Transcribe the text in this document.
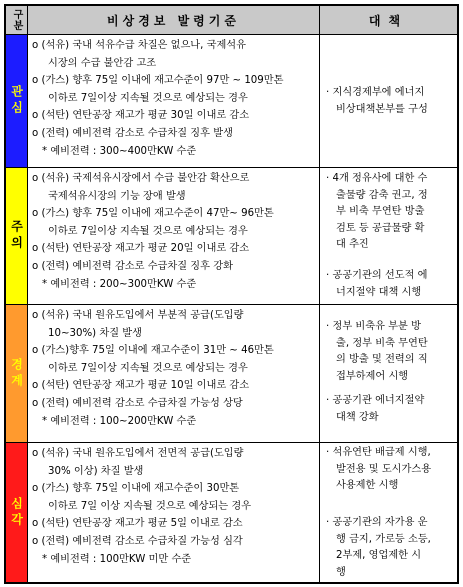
구분	비상경보 발령기준	대책
관심
o (석유) 국내 석유수급 차질은 없으나, 국제석유
시장의 수급 불안감 고조
o (가스) 향후 75일 이내에 재고수준이 97만 ~ 109만톤
이하로 7일이상 지속될 것으로 예상되는 경우
o (석탄) 연탄공장 재고가 평균 30일 이내로 감소
o (전력) 예비전력 감소로 수급차질 징후 발생
* 예비전력 : 300~400만KW 수준
· 지식경제부에 에너지
비상대책본부를 구성
주의
o (석유) 국제석유시장에서 수급 불안감 확산으로
국제석유시장의 기능 장애 발생
o (가스) 향후 75일 이내에 재고수준이 47만~ 96만톤
이하로 7일이상 지속될 것으로 예상되는 경우
o (석탄) 연탄공장 재고가 평균 20일 이내로 감소
o (전력) 예비전력 감소로 수급차질 징후 강화
* 예비전력 : 200~300만KW 수준
· 4개 정유사에 대한 수
출물량 감축 권고, 정
부 비축 무연탄 방출
검토 등 공급물량 확
대 추진
· 공공기관의 선도적 에
너지절약 대책 시행
경계
o (석유) 국내 원유도입에서 부분적 공급(도입량
10~30%) 차질 발생
o (가스)향후 75일 이내에 재고수준이 31만 ~ 46만톤
이하로 7일이상 지속될 것으로 예상되는 경우
o (석탄) 연탄공장 재고가 평균 10일 이내로 감소
o (전력) 예비전력 감소로 수급차질 가능성 상당
* 예비전력 : 100~200만KW 수준
· 정부 비축유 부분 방
출, 정부 비축 무연탄
의 방출 및 전력의 직
접부하제어 시행
· 공공기관 에너지절약
대책 강화
심각
o (석유) 국내 원유도입에서 전면적 공급(도입량
30% 이상) 차질 발생
o (가스) 향후 75일 이내에 재고수준이 30만톤
이하로 7일 이상 지속될 것으로 예상되는 경우
o (석탄) 연탄공장 재고가 평균 5일 이내로 감소
o (전력) 예비전력 감소로 수급차질 가능성 심각
* 예비전력 : 100만KW 미만 수준
· 석유연탄 배급제 시행,
발전용 및 도시가스용
사용제한 시행
· 공공기관의 자가용 운
행 금지, 가로등 소등,
2부제, 영업제한 시
행
